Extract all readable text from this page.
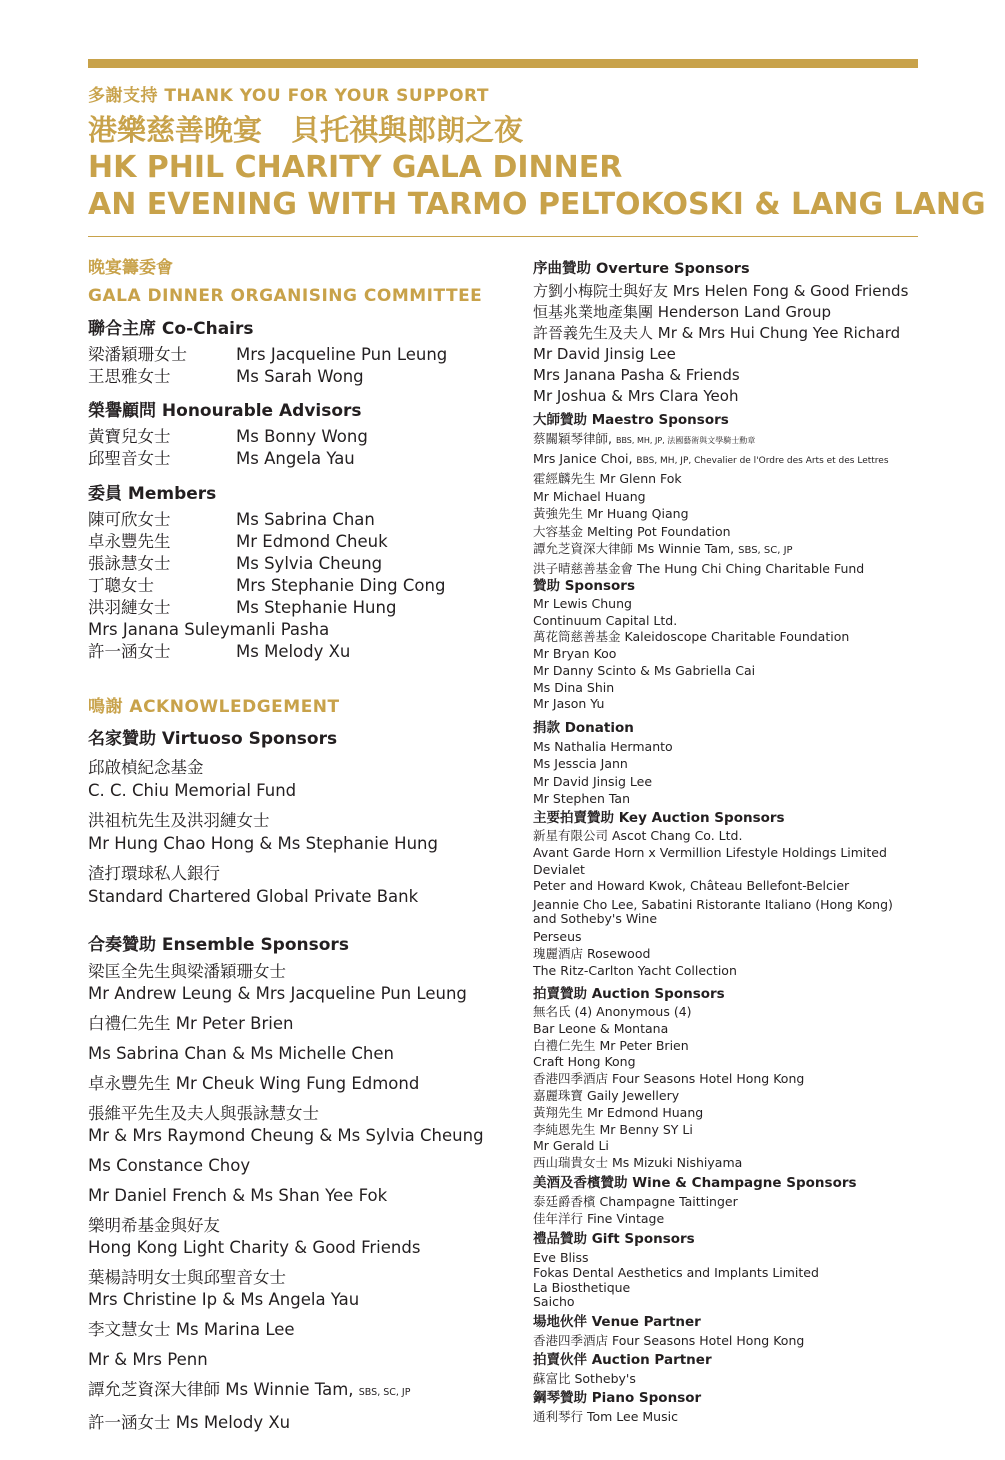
多謝支持 THANK YOU FOR YOUR SUPPORT
港樂慈善晚宴　貝托祺與郎朗之夜
HK PHIL CHARITY GALA DINNER
AN EVENING WITH TARMO PELTOKOSKI & LANG LANG
晚宴籌委會
GALA DINNER ORGANISING COMMITTEE
聯合主席 Co-Chairs
梁潘穎珊女士	Mrs Jacqueline Pun Leung
王思雅女士	Ms Sarah Wong
榮譽顧問 Honourable Advisors
黃寶兒女士	Ms Bonny Wong
邱聖音女士	Ms Angela Yau
委員 Members
陳可欣女士	Ms Sabrina Chan
卓永豐先生	Mr Edmond Cheuk
張詠慧女士	Ms Sylvia Cheung
丁聰女士	Mrs Stephanie Ding Cong
洪羽縺女士	Ms Stephanie Hung
Mrs Janana Suleymanli Pasha
許一涵女士	Ms Melody Xu
鳴謝 ACKNOWLEDGEMENT
名家贊助 Virtuoso Sponsors
邱啟楨紀念基金
C. C. Chiu Memorial Fund
洪祖杭先生及洪羽縺女士
Mr Hung Chao Hong & Ms Stephanie Hung
渣打環球私人銀行
Standard Chartered Global Private Bank
合奏贊助 Ensemble Sponsors
梁匡全先生與梁潘穎珊女士
Mr Andrew Leung & Mrs Jacqueline Pun Leung
白禮仁先生 Mr Peter Brien
Ms Sabrina Chan & Ms Michelle Chen
卓永豐先生 Mr Cheuk Wing Fung Edmond
張維平先生及夫人與張詠慧女士
Mr & Mrs Raymond Cheung & Ms Sylvia Cheung
Ms Constance Choy
Mr Daniel French & Ms Shan Yee Fok
樂明希基金與好友
Hong Kong Light Charity & Good Friends
葉楊詩明女士與邱聖音女士
Mrs Christine Ip & Ms Angela Yau
李文慧女士 Ms Marina Lee
Mr & Mrs Penn
譚允芝資深大律師 Ms Winnie Tam, SBS, SC, JP
許一涵女士 Ms Melody Xu
序曲贊助 Overture Sponsors
方劉小梅院士與好友 Mrs Helen Fong & Good Friends
恒基兆業地產集團 Henderson Land Group
許晉義先生及夫人 Mr & Mrs Hui Chung Yee Richard
Mr David Jinsig Lee
Mrs Janana Pasha & Friends
Mr Joshua & Mrs Clara Yeoh
大師贊助 Maestro Sponsors
蔡關穎琴律師, BBS, MH, JP, 法國藝術與文學騎士勳章
Mrs Janice Choi, BBS, MH, JP, Chevalier de l'Ordre des Arts et des Lettres
霍經麟先生 Mr Glenn Fok
Mr Michael Huang
黃強先生 Mr Huang Qiang
大容基金 Melting Pot Foundation
譚允芝資深大律師 Ms Winnie Tam, SBS, SC, JP
洪子晴慈善基金會 The Hung Chi Ching Charitable Fund
贊助 Sponsors
Mr Lewis Chung
Continuum Capital Ltd.
萬花筒慈善基金 Kaleidoscope Charitable Foundation
Mr Bryan Koo
Mr Danny Scinto & Ms Gabriella Cai
Ms Dina Shin
Mr Jason Yu
捐款 Donation
Ms Nathalia Hermanto
Ms Jesscia Jann
Mr David Jinsig Lee
Mr Stephen Tan
主要拍賣贊助 Key Auction Sponsors
新星有限公司 Ascot Chang Co. Ltd.
Avant Garde Horn x Vermillion Lifestyle Holdings Limited
Devialet
Peter and Howard Kwok, Château Bellefont-Belcier
Jeannie Cho Lee, Sabatini Ristorante Italiano (Hong Kong)
and Sotheby's Wine
Perseus
瑰麗酒店 Rosewood
The Ritz-Carlton Yacht Collection
拍賣贊助 Auction Sponsors
無名氏 (4) Anonymous (4)
Bar Leone & Montana
白禮仁先生 Mr Peter Brien
Craft Hong Kong
香港四季酒店 Four Seasons Hotel Hong Kong
嘉麗珠寶 Gaily Jewellery
黃翔先生 Mr Edmond Huang
李純恩先生 Mr Benny SY Li
Mr Gerald Li
西山瑞貴女士 Ms Mizuki Nishiyama
美酒及香檳贊助 Wine & Champagne Sponsors
泰廷爵香檳 Champagne Taittinger
佳年洋行 Fine Vintage
禮品贊助 Gift Sponsors
Eve Bliss
Fokas Dental Aesthetics and Implants Limited
La Biosthetique
Saicho
場地伙伴 Venue Partner
香港四季酒店 Four Seasons Hotel Hong Kong
拍賣伙伴 Auction Partner
蘇富比 Sotheby's
鋼琴贊助 Piano Sponsor
通利琴行 Tom Lee Music
